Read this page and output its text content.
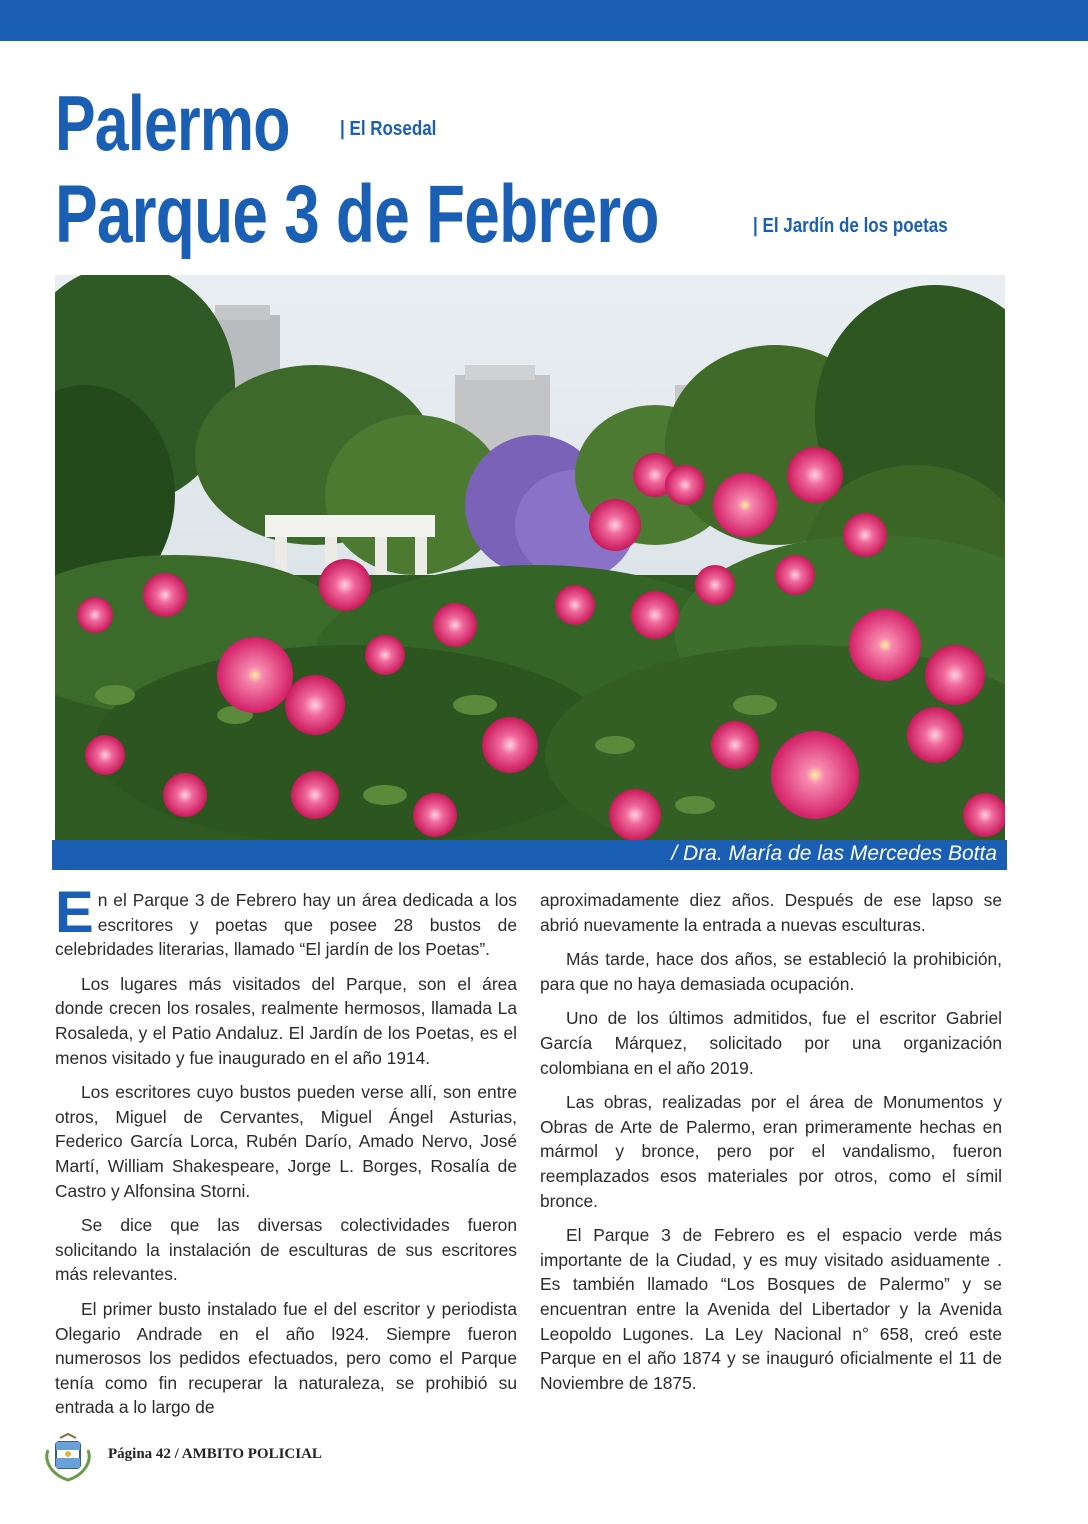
Palermo	| El Rosedal
Parque 3 de Febrero	| El Jardín de los poetas
/ Dra. María de las Mercedes Botta

En el Parque 3 de Febrero hay un área dedicada a los escritores y poetas que posee 28 bustos de celebridades literarias, llamado “El jardín de los Poetas”.

Los lugares más visitados del Parque, son el área donde crecen los rosales, realmente hermosos, llamada La Rosaleda, y el Patio Andaluz. El Jardín de los Poetas, es el menos visitado y fue inaugurado en el año 1914.

Los escritores cuyo bustos pueden verse allí, son entre otros, Miguel de Cervantes, Miguel Ángel Asturias, Federico García Lorca, Rubén Darío, Amado Nervo, José Martí, William Shakespeare, Jorge L. Borges, Rosalía de Castro y Alfonsina Storni.

Se dice que las diversas colectividades fueron solicitando la instalación de esculturas de sus escritores más relevantes.

El primer busto instalado fue el del escritor y periodista Olegario Andrade en el año l924. Siempre fueron numerosos los pedidos efectuados, pero como el Parque tenía como fin recuperar la naturaleza, se prohibió su entrada a lo largo de

aproximadamente diez años. Después de ese lapso se abrió nuevamente la entrada a nuevas esculturas.

Más tarde, hace dos años, se estableció la prohibición, para que no haya demasiada ocupación.

Uno de los últimos admitidos, fue el escritor Gabriel García Márquez, solicitado por una organización colombiana en el año 2019.

Las obras, realizadas por el área de Monumentos y Obras de Arte de Palermo, eran primeramente hechas en mármol y bronce, pero por el vandalismo, fueron reemplazados esos materiales por otros, como el símil bronce.

El Parque 3 de Febrero es el espacio verde más importante de la Ciudad, y es muy visitado asiduamente . Es también llamado “Los Bosques de Palermo” y se encuentran entre la Avenida del Libertador y la Avenida Leopoldo Lugones. La Ley Nacional n° 658, creó este Parque en el año 1874 y se inauguró oficialmente el 11 de Noviembre de 1875.

Página 42 / AMBITO POLICIAL
